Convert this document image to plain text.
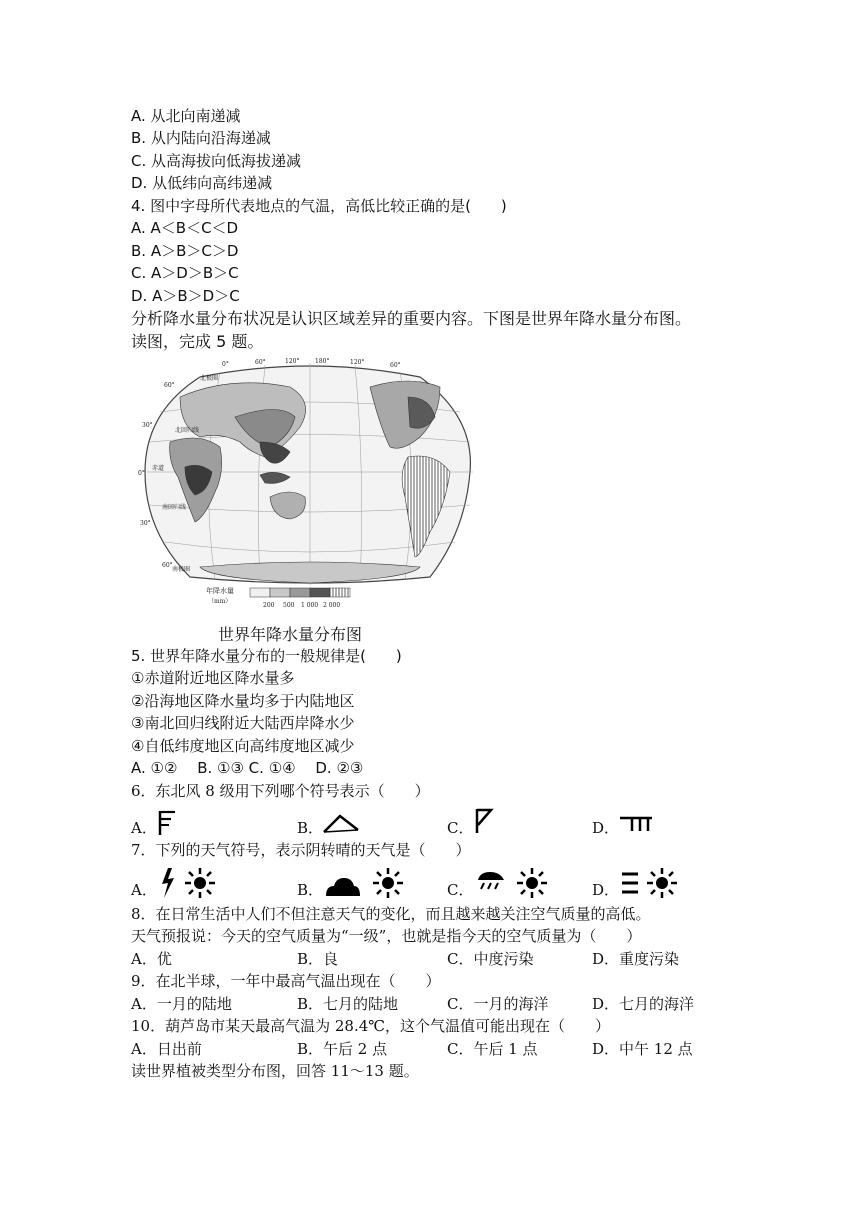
A. 从北向南递减
B. 从内陆向沿海递减
C. 从高海拔向低海拔递减
D. 从低纬向高纬递减
4. 图中字母所代表地点的气温，高低比较正确的是(　　)
A. A＜B＜C＜D
B. A＞B＞C＞D
C. A＞D＞B＞C
D. A＞B＞D＞C
分析降水量分布状况是认识区域差异的重要内容。下图是世界年降水量分布图。
读图，完成 5 题。
0°	60°	120°	180°	120°	60°
60°
30°
0°
30°
60°
北极圈
北回归线
赤道
南回归线
南极圈
年降水量
（mm）
200 500 1 000 2 000
世界年降水量分布图
5. 世界年降水量分布的一般规律是(　　)
①赤道附近地区降水量多
②沿海地区降水量均多于内陆地区
③南北回归线附近大陆西岸降水少
④自低纬度地区向高纬度地区减少
A. ①②　 B. ①③ C. ①④　 D. ②③
6．东北风 8 级用下列哪个符号表示（　　）
A．	B．	C．	D．
7．下列的天气符号，表示阴转晴的天气是（　　）
A．	B．	C．	D．
8．在日常生活中人们不但注意天气的变化，而且越来越关注空气质量的高低。
天气预报说：今天的空气质量为“一级”，也就是指今天的空气质量为（　　）
A．优	B．良	C．中度污染	D．重度污染
9．在北半球，一年中最高气温出现在（　　）
A．一月的陆地	B．七月的陆地	C．一月的海洋	D．七月的海洋
10．葫芦岛市某天最高气温为 28.4℃，这个气温值可能出现在（　　）
A．日出前	B．午后 2 点	C．午后 1 点	D．中午 12 点
读世界植被类型分布图，回答 11～13 题。
